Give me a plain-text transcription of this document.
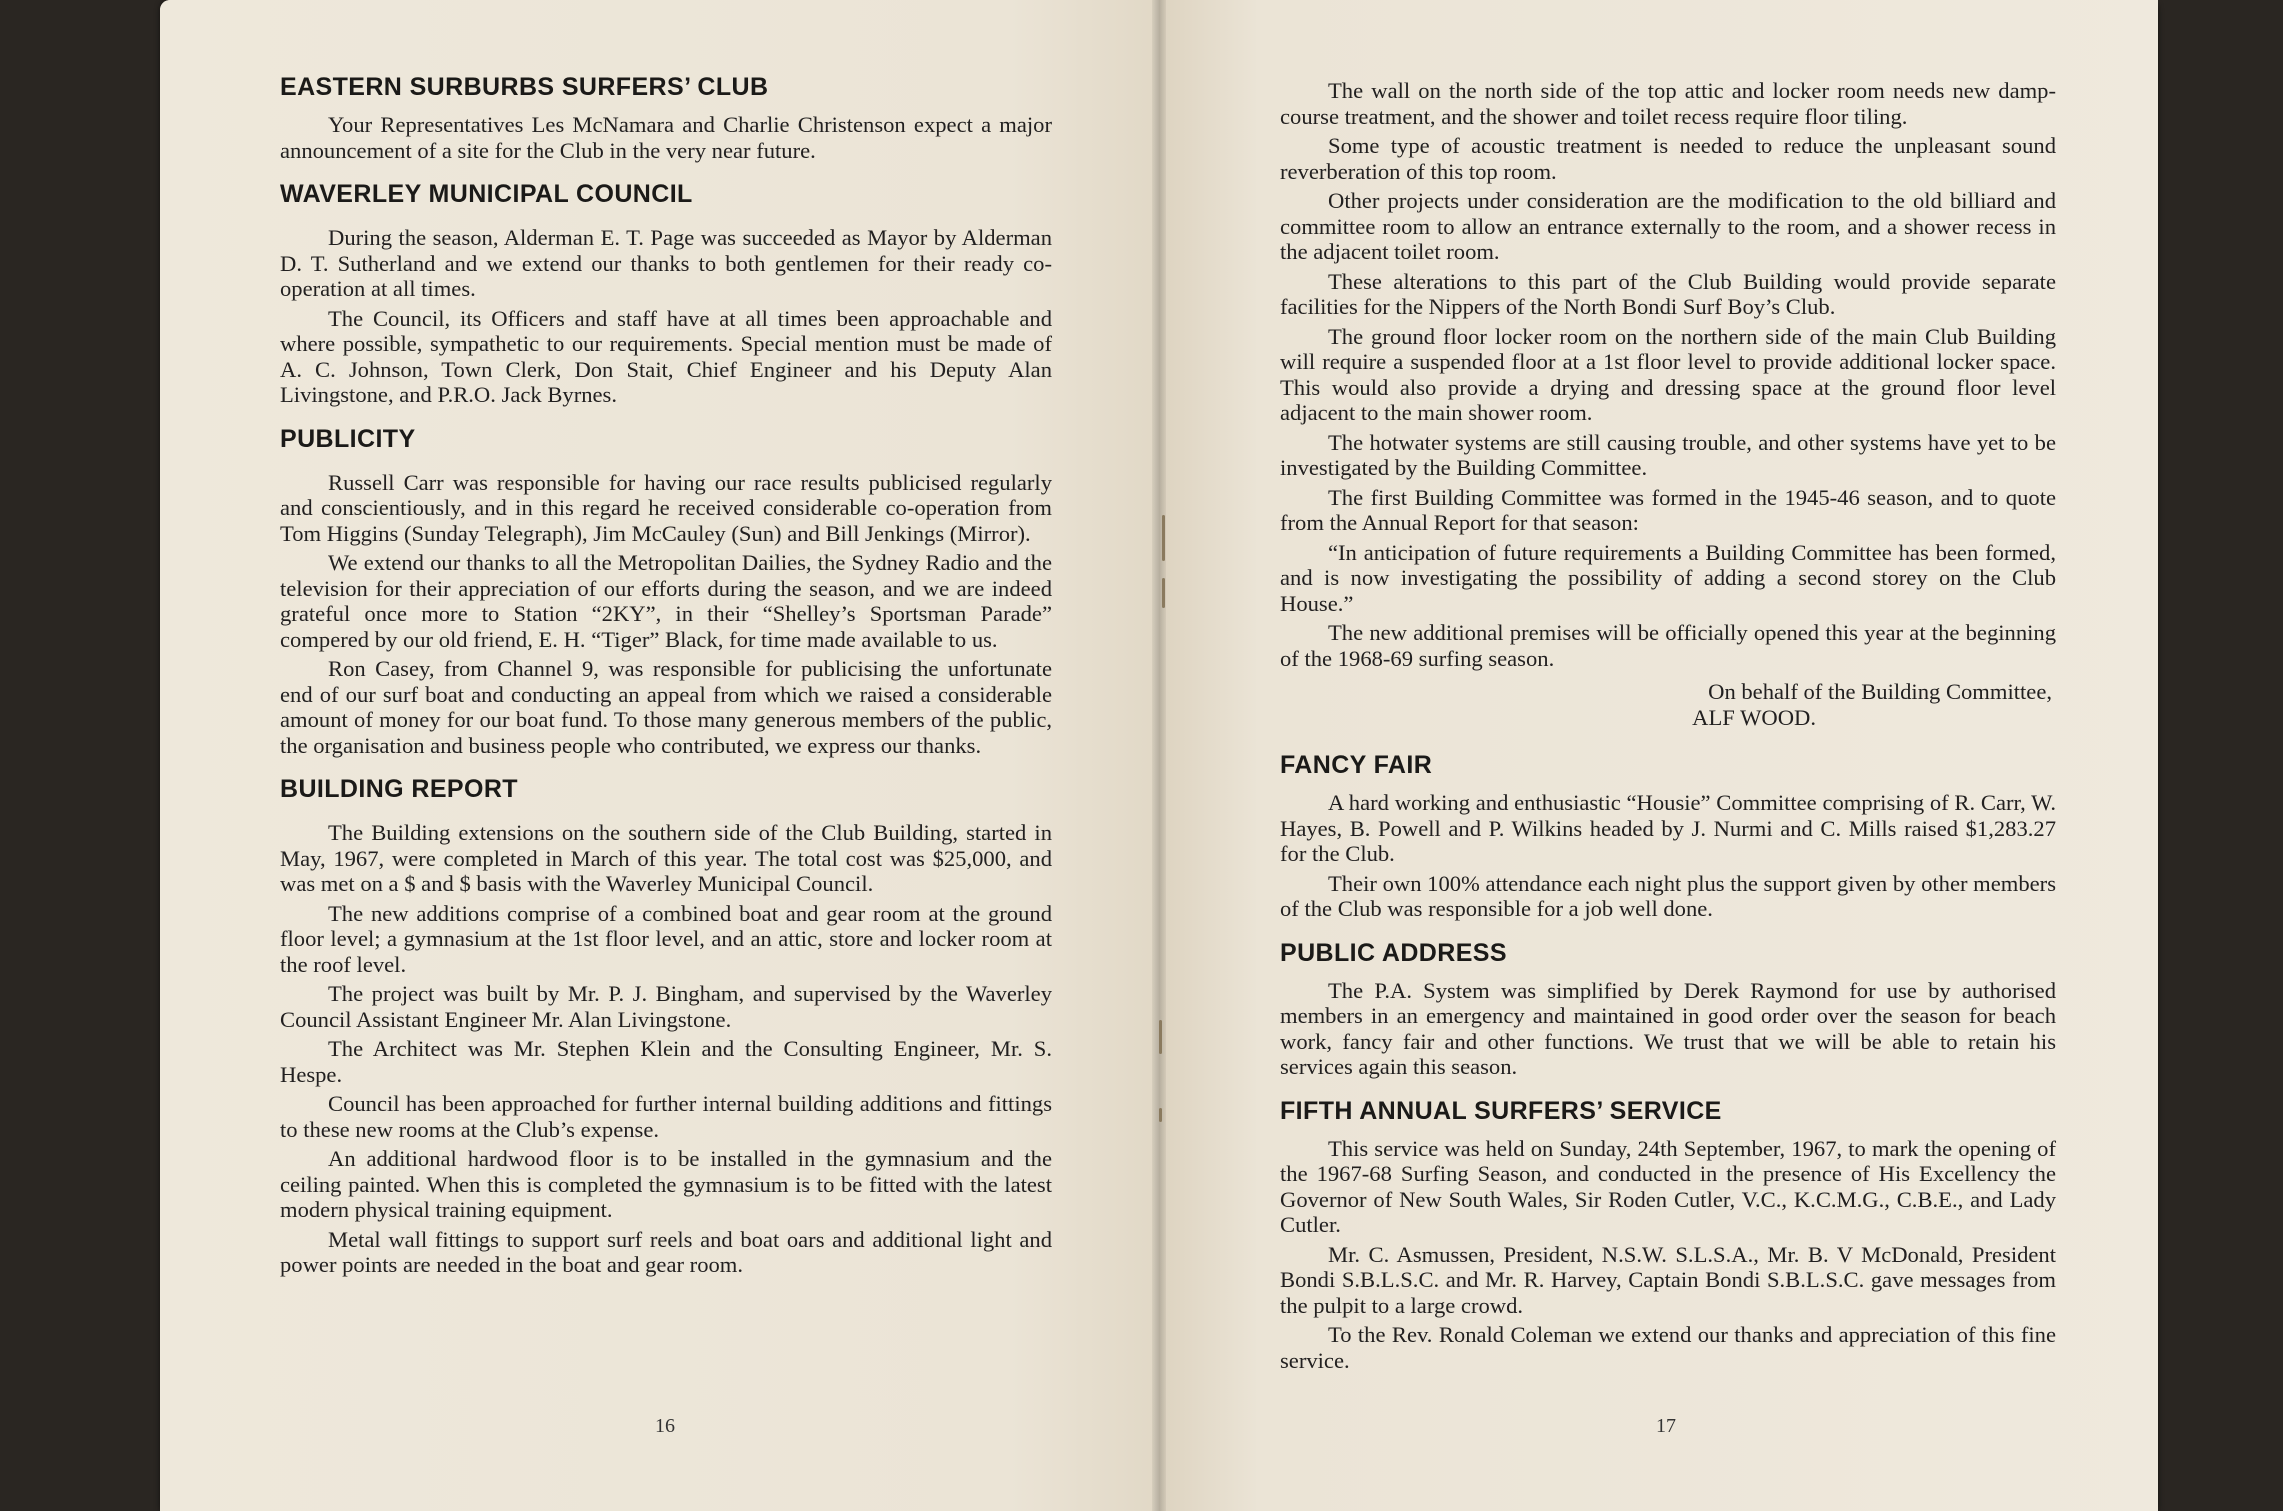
EASTERN SURBURBS SURFERS’ CLUB

Your Representatives Les McNamara and Charlie Christenson expect a major announcement of a site for the Club in the very near future.

WAVERLEY MUNICIPAL COUNCIL

During the season, Alderman E. T. Page was succeeded as Mayor by Alderman D. T. Sutherland and we extend our thanks to both gentlemen for their ready co-operation at all times.

The Council, its Officers and staff have at all times been approachable and where possible, sympathetic to our requirements. Special mention must be made of A. C. Johnson, Town Clerk, Don Stait, Chief Engineer and his Deputy Alan Livingstone, and P.R.O. Jack Byrnes.

PUBLICITY

Russell Carr was responsible for having our race results publicised regularly and conscientiously, and in this regard he received considerable co-operation from Tom Higgins (Sunday Telegraph), Jim McCauley (Sun) and Bill Jenkings (Mirror).

We extend our thanks to all the Metropolitan Dailies, the Sydney Radio and the television for their appreciation of our efforts during the season, and we are indeed grateful once more to Station “2KY”, in their “Shelley’s Sportsman Parade” compered by our old friend, E. H. “Tiger” Black, for time made available to us.

Ron Casey, from Channel 9, was responsible for publicising the unfortunate end of our surf boat and conducting an appeal from which we raised a considerable amount of money for our boat fund. To those many generous members of the public, the organisation and business people who contributed, we express our thanks.

BUILDING REPORT

The Building extensions on the southern side of the Club Building, started in May, 1967, were completed in March of this year. The total cost was $25,000, and was met on a $ and $ basis with the Waverley Municipal Council.

The new additions comprise of a combined boat and gear room at the ground floor level; a gymnasium at the 1st floor level, and an attic, store and locker room at the roof level.

The project was built by Mr. P. J. Bingham, and supervised by the Waverley Council Assistant Engineer Mr. Alan Livingstone.

The Architect was Mr. Stephen Klein and the Consulting Engineer, Mr. S. Hespe.

Council has been approached for further internal building additions and fittings to these new rooms at the Club’s expense.

An additional hardwood floor is to be installed in the gymnasium and the ceiling painted. When this is completed the gymnasium is to be fitted with the latest modern physical training equipment.

Metal wall fittings to support surf reels and boat oars and additional light and power points are needed in the boat and gear room.

16

The wall on the north side of the top attic and locker room needs new damp-course treatment, and the shower and toilet recess require floor tiling.

Some type of acoustic treatment is needed to reduce the unpleasant sound reverberation of this top room.

Other projects under consideration are the modification to the old billiard and committee room to allow an entrance externally to the room, and a shower recess in the adjacent toilet room.

These alterations to this part of the Club Building would provide separate facilities for the Nippers of the North Bondi Surf Boy’s Club.

The ground floor locker room on the northern side of the main Club Building will require a suspended floor at a 1st floor level to provide additional locker space. This would also provide a drying and dressing space at the ground floor level adjacent to the main shower room.

The hotwater systems are still causing trouble, and other systems have yet to be investigated by the Building Committee.

The first Building Committee was formed in the 1945-46 season, and to quote from the Annual Report for that season:

“In anticipation of future requirements a Building Committee has been formed, and is now investigating the possibility of adding a second storey on the Club House.”

The new additional premises will be officially opened this year at the beginning of the 1968-69 surfing season.

On behalf of the Building Committee,

ALF WOOD.

FANCY FAIR

A hard working and enthusiastic “Housie” Committee comprising of R. Carr, W. Hayes, B. Powell and P. Wilkins headed by J. Nurmi and C. Mills raised $1,283.27 for the Club.

Their own 100% attendance each night plus the support given by other members of the Club was responsible for a job well done.

PUBLIC ADDRESS

The P.A. System was simplified by Derek Raymond for use by authorised members in an emergency and maintained in good order over the season for beach work, fancy fair and other functions. We trust that we will be able to retain his services again this season.

FIFTH ANNUAL SURFERS’ SERVICE

This service was held on Sunday, 24th September, 1967, to mark the opening of the 1967-68 Surfing Season, and conducted in the presence of His Excellency the Governor of New South Wales, Sir Roden Cutler, V.C., K.C.M.G., C.B.E., and Lady Cutler.

Mr. C. Asmussen, President, N.S.W. S.L.S.A., Mr. B. V McDonald, President Bondi S.B.L.S.C. and Mr. R. Harvey, Captain Bondi S.B.L.S.C. gave messages from the pulpit to a large crowd.

To the Rev. Ronald Coleman we extend our thanks and appreciation of this fine service.

17
